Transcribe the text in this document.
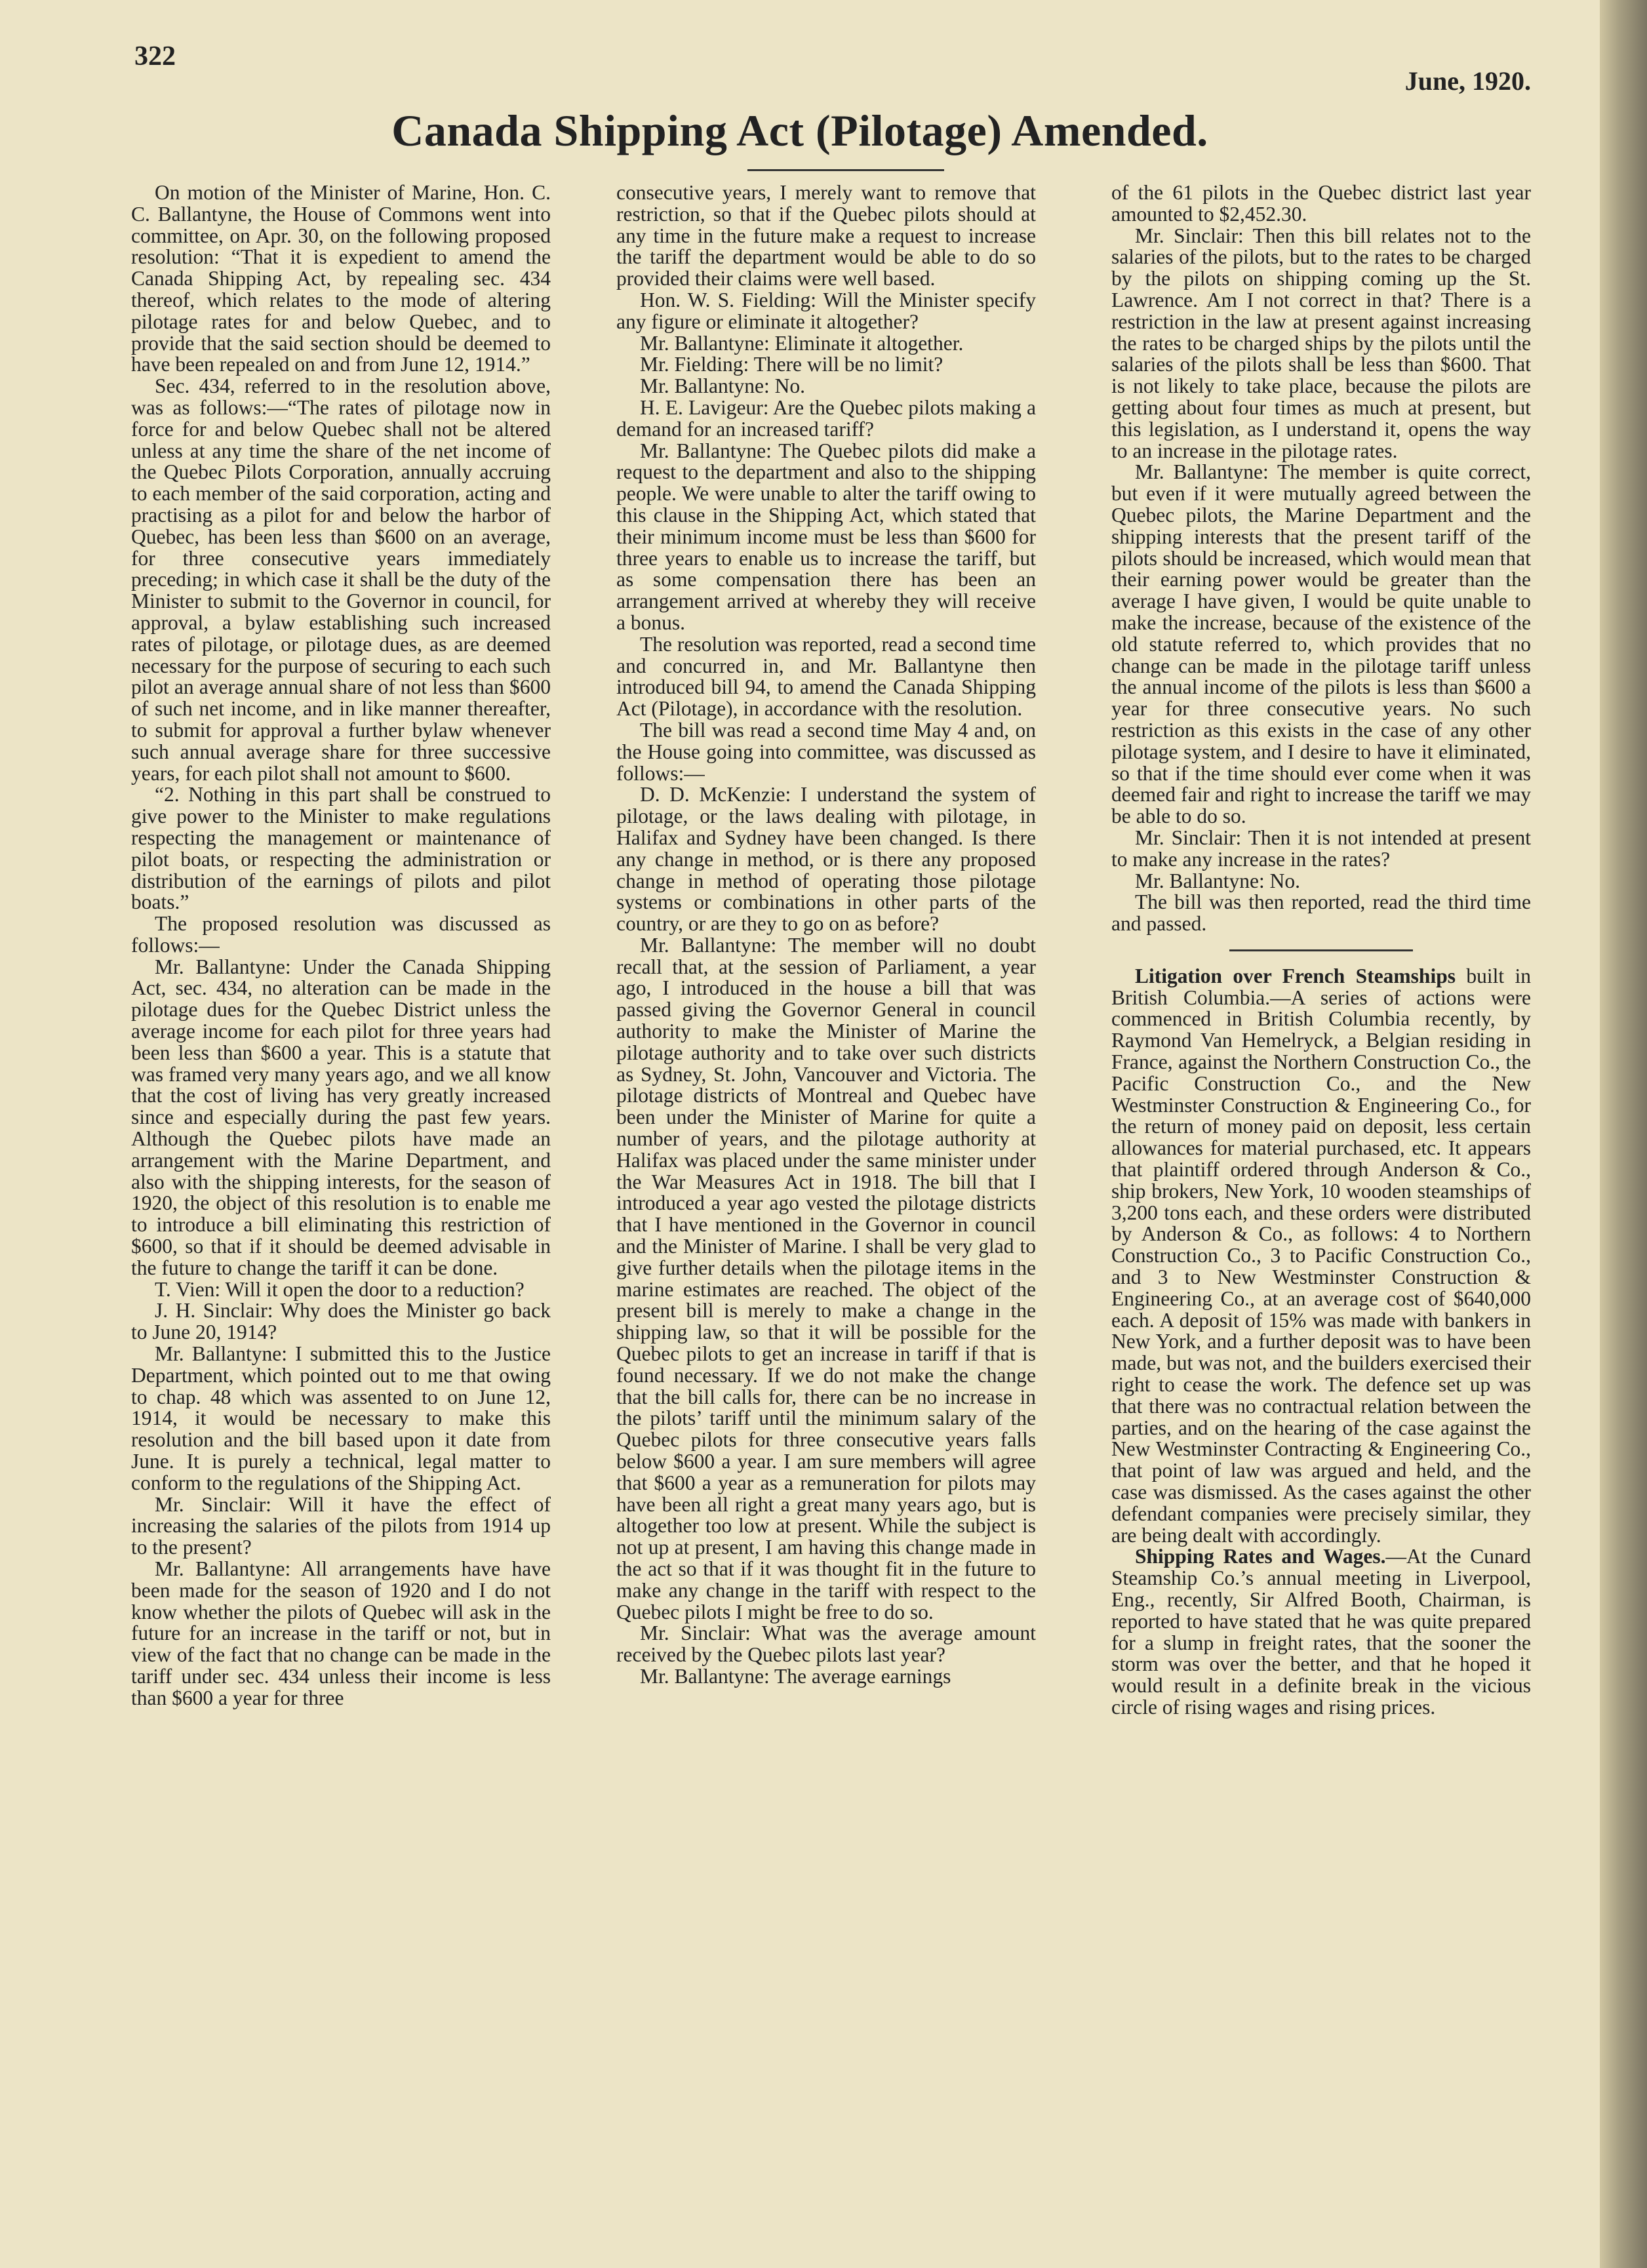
322
June, 1920.
Canada Shipping Act (Pilotage) Amended.

On motion of the Minister of Marine, Hon. C. C. Ballantyne, the House of Commons went into committee, on Apr. 30, on the following proposed resolution: “That it is expedient to amend the Canada Shipping Act, by repealing sec. 434 thereof, which relates to the mode of altering pilotage rates for and below Quebec, and to provide that the said section should be deemed to have been repealed on and from June 12, 1914.”

Sec. 434, referred to in the resolution above, was as follows:—“The rates of pilotage now in force for and below Quebec shall not be altered unless at any time the share of the net income of the Quebec Pilots Corporation, annually accruing to each member of the said corporation, acting and practising as a pilot for and below the harbor of Quebec, has been less than $600 on an average, for three consecutive years immediately preceding; in which case it shall be the duty of the Minister to submit to the Governor in council, for approval, a bylaw establishing such increased rates of pilotage, or pilotage dues, as are deemed necessary for the purpose of securing to each such pilot an average annual share of not less than $600 of such net income, and in like manner thereafter, to submit for approval a further bylaw whenever such annual average share for three successive years, for each pilot shall not amount to $600.

“2. Nothing in this part shall be construed to give power to the Minister to make regulations respecting the management or maintenance of pilot boats, or respecting the administration or distribution of the earnings of pilots and pilot boats.”

The proposed resolution was discussed as follows:—

Mr. Ballantyne: Under the Canada Shipping Act, sec. 434, no alteration can be made in the pilotage dues for the Quebec District unless the average income for each pilot for three years had been less than $600 a year. This is a statute that was framed very many years ago, and we all know that the cost of living has very greatly increased since and especially during the past few years. Although the Quebec pilots have made an arrangement with the Marine Department, and also with the shipping interests, for the season of 1920, the object of this resolution is to enable me to introduce a bill eliminating this restriction of $600, so that if it should be deemed advisable in the future to change the tariff it can be done.

T. Vien: Will it open the door to a reduction?

J. H. Sinclair: Why does the Minister go back to June 20, 1914?

Mr. Ballantyne: I submitted this to the Justice Department, which pointed out to me that owing to chap. 48 which was assented to on June 12, 1914, it would be necessary to make this resolution and the bill based upon it date from June. It is purely a technical, legal matter to conform to the regulations of the Shipping Act.

Mr. Sinclair: Will it have the effect of increasing the salaries of the pilots from 1914 up to the present?

Mr. Ballantyne: All arrangements have have been made for the season of 1920 and I do not know whether the pilots of Quebec will ask in the future for an increase in the tariff or not, but in view of the fact that no change can be made in the tariff under sec. 434 unless their income is less than $600 a year for three

consecutive years, I merely want to remove that restriction, so that if the Quebec pilots should at any time in the future make a request to increase the tariff the department would be able to do so provided their claims were well based.

Hon. W. S. Fielding: Will the Minister specify any figure or eliminate it altogether?

Mr. Ballantyne: Eliminate it altogether.

Mr. Fielding: There will be no limit?

Mr. Ballantyne: No.

H. E. Lavigeur: Are the Quebec pilots making a demand for an increased tariff?

Mr. Ballantyne: The Quebec pilots did make a request to the department and also to the shipping people. We were unable to alter the tariff owing to this clause in the Shipping Act, which stated that their minimum income must be less than $600 for three years to enable us to increase the tariff, but as some compensation there has been an arrangement arrived at whereby they will receive a bonus.

The resolution was reported, read a second time and concurred in, and Mr. Ballantyne then introduced bill 94, to amend the Canada Shipping Act (Pilotage), in accordance with the resolution.

The bill was read a second time May 4 and, on the House going into committee, was discussed as follows:—

D. D. McKenzie: I understand the system of pilotage, or the laws dealing with pilotage, in Halifax and Sydney have been changed. Is there any change in method, or is there any proposed change in method of operating those pilotage systems or combinations in other parts of the country, or are they to go on as before?

Mr. Ballantyne: The member will no doubt recall that, at the session of Parliament, a year ago, I introduced in the house a bill that was passed giving the Governor General in council authority to make the Minister of Marine the pilotage authority and to take over such districts as Sydney, St. John, Vancouver and Victoria. The pilotage districts of Montreal and Quebec have been under the Minister of Marine for quite a number of years, and the pilotage authority at Halifax was placed under the same minister under the War Measures Act in 1918. The bill that I introduced a year ago vested the pilotage districts that I have mentioned in the Governor in council and the Minister of Marine. I shall be very glad to give further details when the pilotage items in the marine estimates are reached. The object of the present bill is merely to make a change in the shipping law, so that it will be possible for the Quebec pilots to get an increase in tariff if that is found necessary. If we do not make the change that the bill calls for, there can be no increase in the pilots’ tariff until the minimum salary of the Quebec pilots for three consecutive years falls below $600 a year. I am sure members will agree that $600 a year as a remuneration for pilots may have been all right a great many years ago, but is altogether too low at present. While the subject is not up at present, I am having this change made in the act so that if it was thought fit in the future to make any change in the tariff with respect to the Quebec pilots I might be free to do so.

Mr. Sinclair: What was the average amount received by the Quebec pilots last year?

Mr. Ballantyne: The average earnings

of the 61 pilots in the Quebec district last year amounted to $2,452.30.

Mr. Sinclair: Then this bill relates not to the salaries of the pilots, but to the rates to be charged by the pilots on shipping coming up the St. Lawrence. Am I not correct in that? There is a restriction in the law at present against increasing the rates to be charged ships by the pilots until the salaries of the pilots shall be less than $600. That is not likely to take place, because the pilots are getting about four times as much at present, but this legislation, as I understand it, opens the way to an increase in the pilotage rates.

Mr. Ballantyne: The member is quite correct, but even if it were mutually agreed between the Quebec pilots, the Marine Department and the shipping interests that the present tariff of the pilots should be increased, which would mean that their earning power would be greater than the average I have given, I would be quite unable to make the increase, because of the existence of the old statute referred to, which provides that no change can be made in the pilotage tariff unless the annual income of the pilots is less than $600 a year for three consecutive years. No such restriction as this exists in the case of any other pilotage system, and I desire to have it eliminated, so that if the time should ever come when it was deemed fair and right to increase the tariff we may be able to do so.

Mr. Sinclair: Then it is not intended at present to make any increase in the rates?

Mr. Ballantyne: No.

The bill was then reported, read the third time and passed.

Litigation over French Steamships built in British Columbia.—A series of actions were commenced in British Columbia recently, by Raymond Van Hemelryck, a Belgian residing in France, against the Northern Construction Co., the Pacific Construction Co., and the New Westminster Construction & Engineering Co., for the return of money paid on deposit, less certain allowances for material purchased, etc. It appears that plaintiff ordered through Anderson & Co., ship brokers, New York, 10 wooden steamships of 3,200 tons each, and these orders were distributed by Anderson & Co., as follows: 4 to Northern Construction Co., 3 to Pacific Construction Co., and 3 to New Westminster Construction & Engineering Co., at an average cost of $640,000 each. A deposit of 15% was made with bankers in New York, and a further deposit was to have been made, but was not, and the builders exercised their right to cease the work. The defence set up was that there was no contractual relation between the parties, and on the hearing of the case against the New Westminster Contracting & Engineering Co., that point of law was argued and held, and the case was dismissed. As the cases against the other defendant companies were precisely similar, they are being dealt with accordingly.

Shipping Rates and Wages.—At the Cunard Steamship Co.’s annual meeting in Liverpool, Eng., recently, Sir Alfred Booth, Chairman, is reported to have stated that he was quite prepared for a slump in freight rates, that the sooner the storm was over the better, and that he hoped it would result in a definite break in the vicious circle of rising wages and rising prices.
